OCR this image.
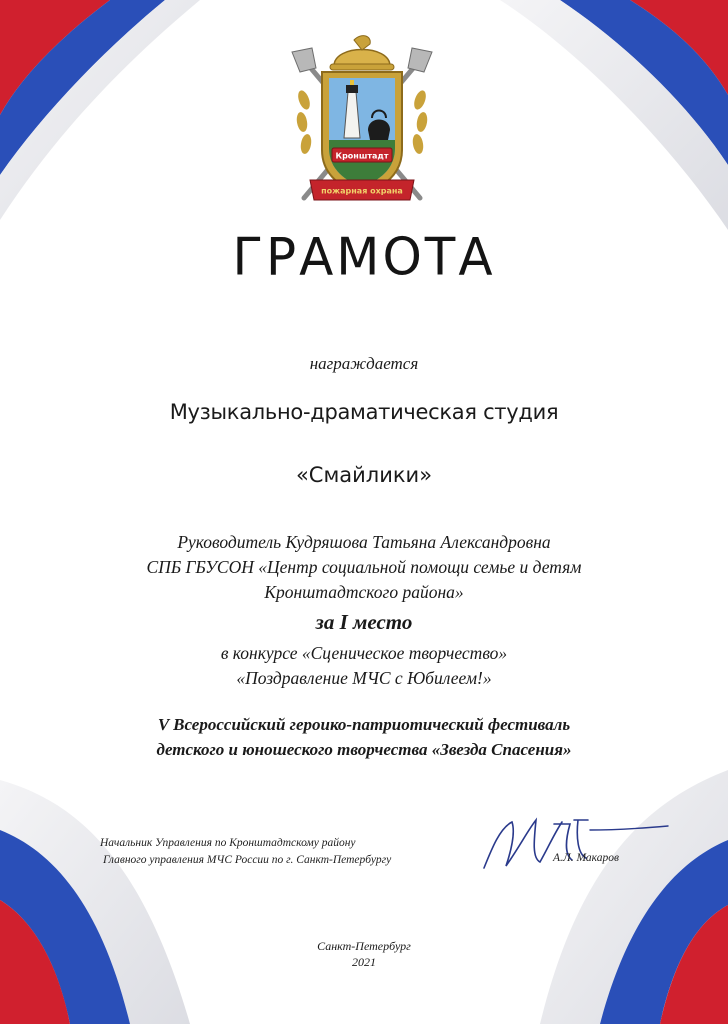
Кронштадт
пожарная охрана
ГРАМОТА
награждается
Музыкально-драматическая студия
«Смайлики»
Руководитель Кудряшова Татьяна Александровна
СПБ ГБУСОН «Центр социальной помощи семье и детям
Кронштадтского района»
за I место
в конкурсе «Сценическое творчество»
«Поздравление МЧС с Юбилеем!»
V Всероссийский героико-патриотический фестиваль
детского и юношеского творчества «Звезда Спасения»
Начальник Управления по Кронштадтскому району
Главного управления МЧС России по г. Санкт-Петербургу	А.Л. Макаров
Санкт-Петербург
2021
